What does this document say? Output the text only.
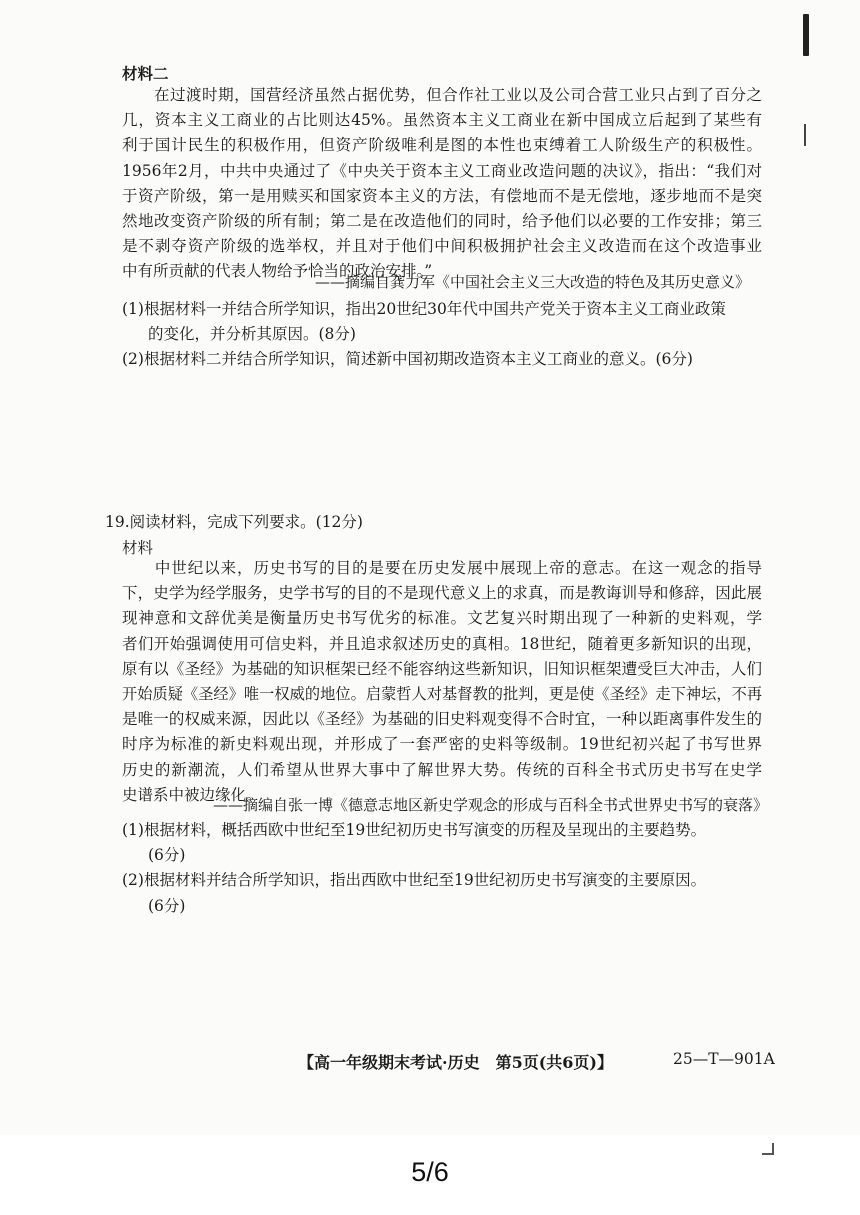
材料二
　　在过渡时期，国营经济虽然占据优势，但合作社工业以及公司合营工业只占到了百分之
几，资本主义工商业的占比则达45%。虽然资本主义工商业在新中国成立后起到了某些有
利于国计民生的积极作用，但资产阶级唯利是图的本性也束缚着工人阶级生产的积极性。
1956年2月，中共中央通过了《中央关于资本主义工商业改造问题的决议》，指出：“我们对
于资产阶级，第一是用赎买和国家资本主义的方法，有偿地而不是无偿地，逐步地而不是突
然地改变资产阶级的所有制；第二是在改造他们的同时，给予他们以必要的工作安排；第三
是不剥夺资产阶级的选举权，并且对于他们中间积极拥护社会主义改造而在这个改造事业
中有所贡献的代表人物给予恰当的政治安排。”
——摘编自龚力军《中国社会主义三大改造的特色及其历史意义》
(1)根据材料一并结合所学知识，指出20世纪30年代中国共产党关于资本主义工商业政策
的变化，并分析其原因。(8分)
(2)根据材料二并结合所学知识，简述新中国初期改造资本主义工商业的意义。(6分)
19.阅读材料，完成下列要求。(12分)
材料
　　中世纪以来，历史书写的目的是要在历史发展中展现上帝的意志。在这一观念的指导
下，史学为经学服务，史学书写的目的不是现代意义上的求真，而是教诲训导和修辞，因此展
现神意和文辞优美是衡量历史书写优劣的标准。文艺复兴时期出现了一种新的史料观，学
者们开始强调使用可信史料，并且追求叙述历史的真相。18世纪，随着更多新知识的出现，
原有以《圣经》为基础的知识框架已经不能容纳这些新知识，旧知识框架遭受巨大冲击，人们
开始质疑《圣经》唯一权威的地位。启蒙哲人对基督教的批判，更是使《圣经》走下神坛，不再
是唯一的权威来源，因此以《圣经》为基础的旧史料观变得不合时宜，一种以距离事件发生的
时序为标准的新史料观出现，并形成了一套严密的史料等级制。19世纪初兴起了书写世界
历史的新潮流，人们希望从世界大事中了解世界大势。传统的百科全书式历史书写在史学
史谱系中被边缘化。
——摘编自张一博《德意志地区新史学观念的形成与百科全书式世界史书写的衰落》
(1)根据材料，概括西欧中世纪至19世纪初历史书写演变的历程及呈现出的主要趋势。
(6分)
(2)根据材料并结合所学知识，指出西欧中世纪至19世纪初历史书写演变的主要原因。
(6分)
【高一年级期末考试·历史　第5页(共6页)】	25—T—901A
5/6
